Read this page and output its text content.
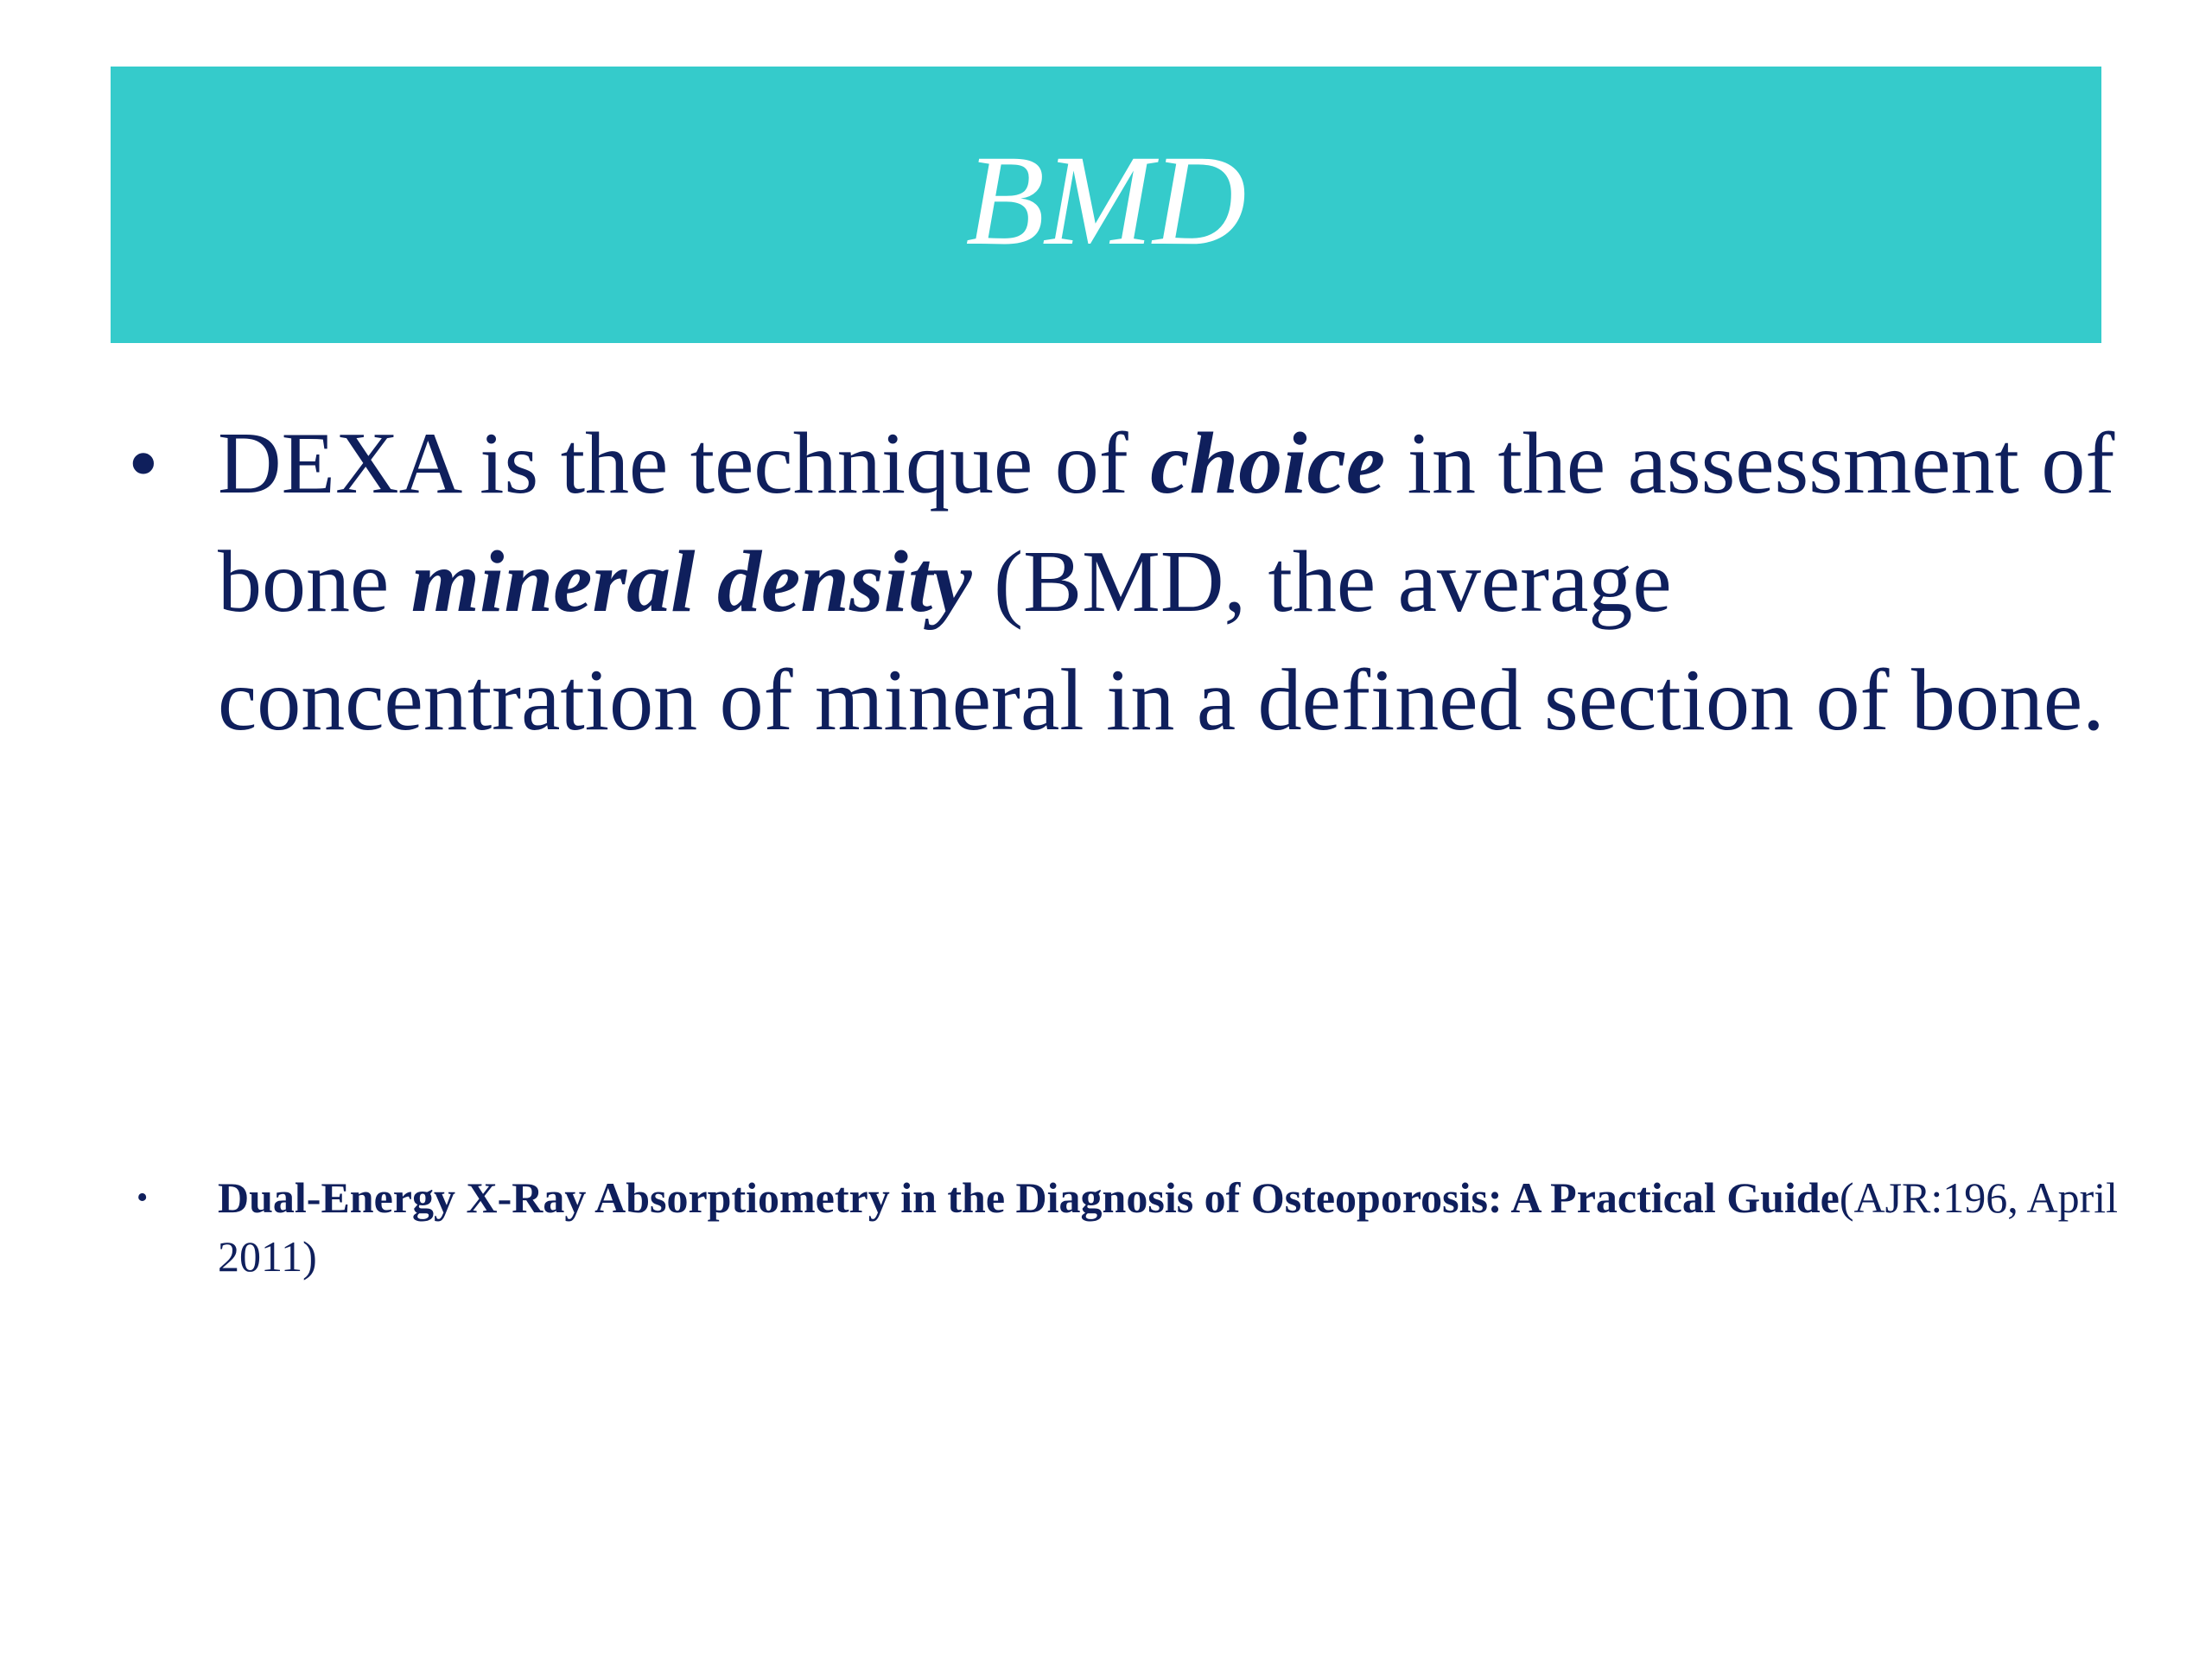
BMD
• DEXA is the technique of choice in the assessment of bone mineral density (BMD, the average concentration of mineral in a defined section of bone.
• Dual-Energy X-Ray Absorptiometry in the Diagnosis of Osteoporosis: A Practical Guide(AJR:196, April 2011)
